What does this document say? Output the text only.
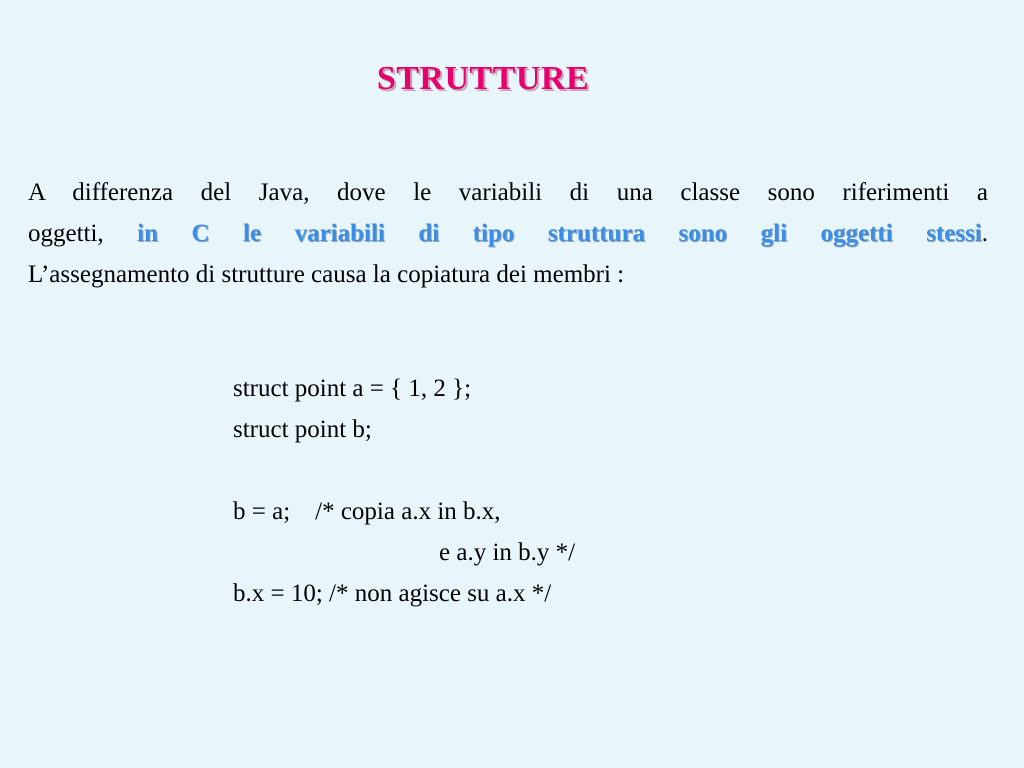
STRUTTURE
A differenza del Java, dove le variabili di una classe sono riferimenti a
oggetti, in C le variabili di tipo struttura sono gli oggetti stessi.
L’assegnamento di strutture causa la copiatura dei membri :
struct point a = { 1, 2 };
struct point b;
b = a;    /* copia a.x in b.x,
e a.y in b.y */
b.x = 10; /* non agisce su a.x */
